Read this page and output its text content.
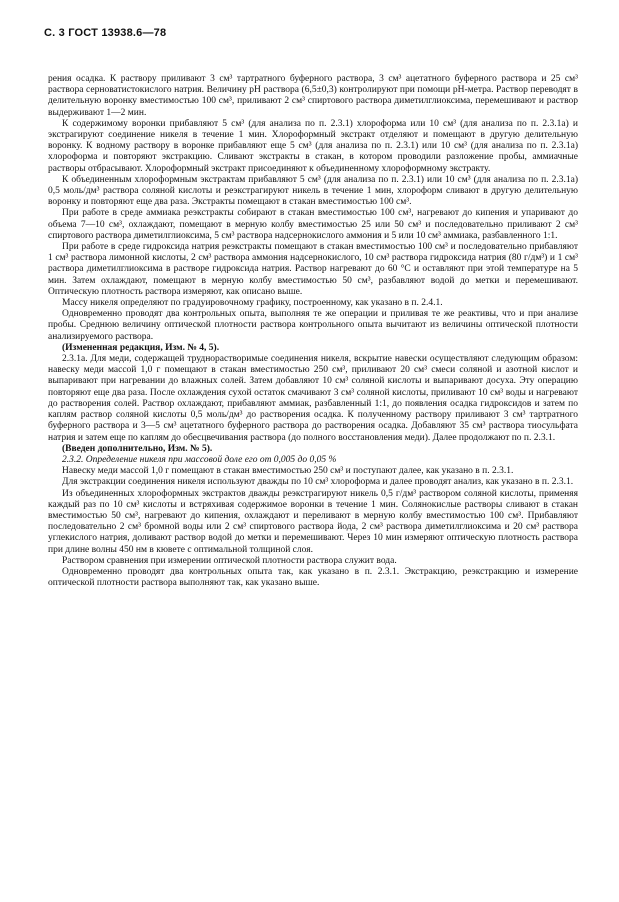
С. 3 ГОСТ 13938.6—78

рения осадка. К раствору приливают 3 см³ тартратного буферного раствора, 3 см³ ацетатного буферного раствора и 25 см³ раствора серноватистокислого натрия. Величину рН раствора (6,5±0,3) контролируют при помощи рН-метра. Раствор переводят в делительную воронку вместимостью 100 см³, приливают 2 см³ спиртового раствора диметилглиоксима, перемешивают и раствор выдерживают 1—2 мин.

К содержимому воронки прибавляют 5 см³ (для анализа по п. 2.3.1) хлороформа или 10 см³ (для анализа по п. 2.3.1а) и экстрагируют соединение никеля в течение 1 мин. Хлороформный экстракт отделяют и помещают в другую делительную воронку. К водному раствору в воронке прибавляют еще 5 см³ (для анализа по п. 2.3.1) или 10 см³ (для анализа по п. 2.3.1а) хлороформа и повторяют экстракцию. Сливают экстракты в стакан, в котором проводили разложение пробы, аммиачные растворы отбрасывают. Хлороформный экстракт присоединяют к объединенному хлороформному экстракту.

К объединенным хлороформным экстрактам прибавляют 5 см³ (для анализа по п. 2.3.1) или 10 см³ (для анализа по п. 2.3.1а) 0,5 моль/дм³ раствора соляной кислоты и реэкстрагируют никель в течение 1 мин, хлороформ сливают в другую делительную воронку и повторяют еще два раза. Экстракты помещают в стакан вместимостью 100 см³.

При работе в среде аммиака реэкстракты собирают в стакан вместимостью 100 см³, нагревают до кипения и упаривают до объема 7—10 см³, охлаждают, помещают в мерную колбу вместимостью 25 или 50 см³ и последовательно приливают 2 см³ спиртового раствора диметилглиоксима, 5 см³ раствора надсернокислого аммония и 5 или 10 см³ аммиака, разбавленного 1:1.

При работе в среде гидроксида натрия реэкстракты помещают в стакан вместимостью 100 см³ и последовательно прибавляют 1 см³ раствора лимонной кислоты, 2 см³ раствора аммония надсернокислого, 10 см³ раствора гидроксида натрия (80 г/дм³) и 1 см³ раствора диметилглиоксима в растворе гидроксида натрия. Раствор нагревают до 60 °С и оставляют при этой температуре на 5 мин. Затем охлаждают, помещают в мерную колбу вместимостью 50 см³, разбавляют водой до метки и перемешивают. Оптическую плотность раствора измеряют, как описано выше.

Массу никеля определяют по градуировочному графику, построенному, как указано в п. 2.4.1.

Одновременно проводят два контрольных опыта, выполняя те же операции и приливая те же реактивы, что и при анализе пробы. Среднюю величину оптической плотности раствора контрольного опыта вычитают из величины оптической плотности анализируемого раствора.

(Измененная редакция, Изм. № 4, 5).

2.3.1а. Для меди, содержащей труднорастворимые соединения никеля, вскрытие навески осуществляют следующим образом: навеску меди массой 1,0 г помещают в стакан вместимостью 250 см³, приливают 20 см³ смеси соляной и азотной кислот и выпаривают при нагревании до влажных солей. Затем добавляют 10 см³ соляной кислоты и выпаривают досуха. Эту операцию повторяют еще два раза. После охлаждения сухой остаток смачивают 3 см³ соляной кислоты, приливают 10 см³ воды и нагревают до растворения солей. Раствор охлаждают, прибавляют аммиак, разбавленный 1:1, до появления осадка гидроксидов и затем по каплям раствор соляной кислоты 0,5 моль/дм³ до растворения осадка. К полученному раствору приливают 3 см³ тартратного буферного раствора и 3—5 см³ ацетатного буферного раствора до растворения осадка. Добавляют 35 см³ раствора тиосульфата натрия и затем еще по каплям до обесцвечивания раствора (до полного восстановления меди). Далее продолжают по п. 2.3.1.

(Введен дополнительно, Изм. № 5).

2.3.2. Определение никеля при массовой доле его от 0,005 до 0,05 %

Навеску меди массой 1,0 г помещают в стакан вместимостью 250 см³ и поступают далее, как указано в п. 2.3.1.

Для экстракции соединения никеля используют дважды по 10 см³ хлороформа и далее проводят анализ, как указано в п. 2.3.1.

Из объединенных хлороформных экстрактов дважды реэкстрагируют никель 0,5 г/дм³ раствором соляной кислоты, применяя каждый раз по 10 см³ кислоты и встряхивая содержимое воронки в течение 1 мин. Солянокислые растворы сливают в стакан вместимостью 50 см³, нагревают до кипения, охлаждают и переливают в мерную колбу вместимостью 100 см³. Прибавляют последовательно 2 см³ бромной воды или 2 см³ спиртового раствора йода, 2 см³ раствора диметилглиоксима и 20 см³ раствора углекислого натрия, доливают раствор водой до метки и перемешивают. Через 10 мин измеряют оптическую плотность раствора при длине волны 450 нм в кювете с оптимальной толщиной слоя.

Раствором сравнения при измерении оптической плотности раствора служит вода.

Одновременно проводят два контрольных опыта так, как указано в п. 2.3.1. Экстракцию, реэкстракцию и измерение оптической плотности раствора выполняют так, как указано выше.
